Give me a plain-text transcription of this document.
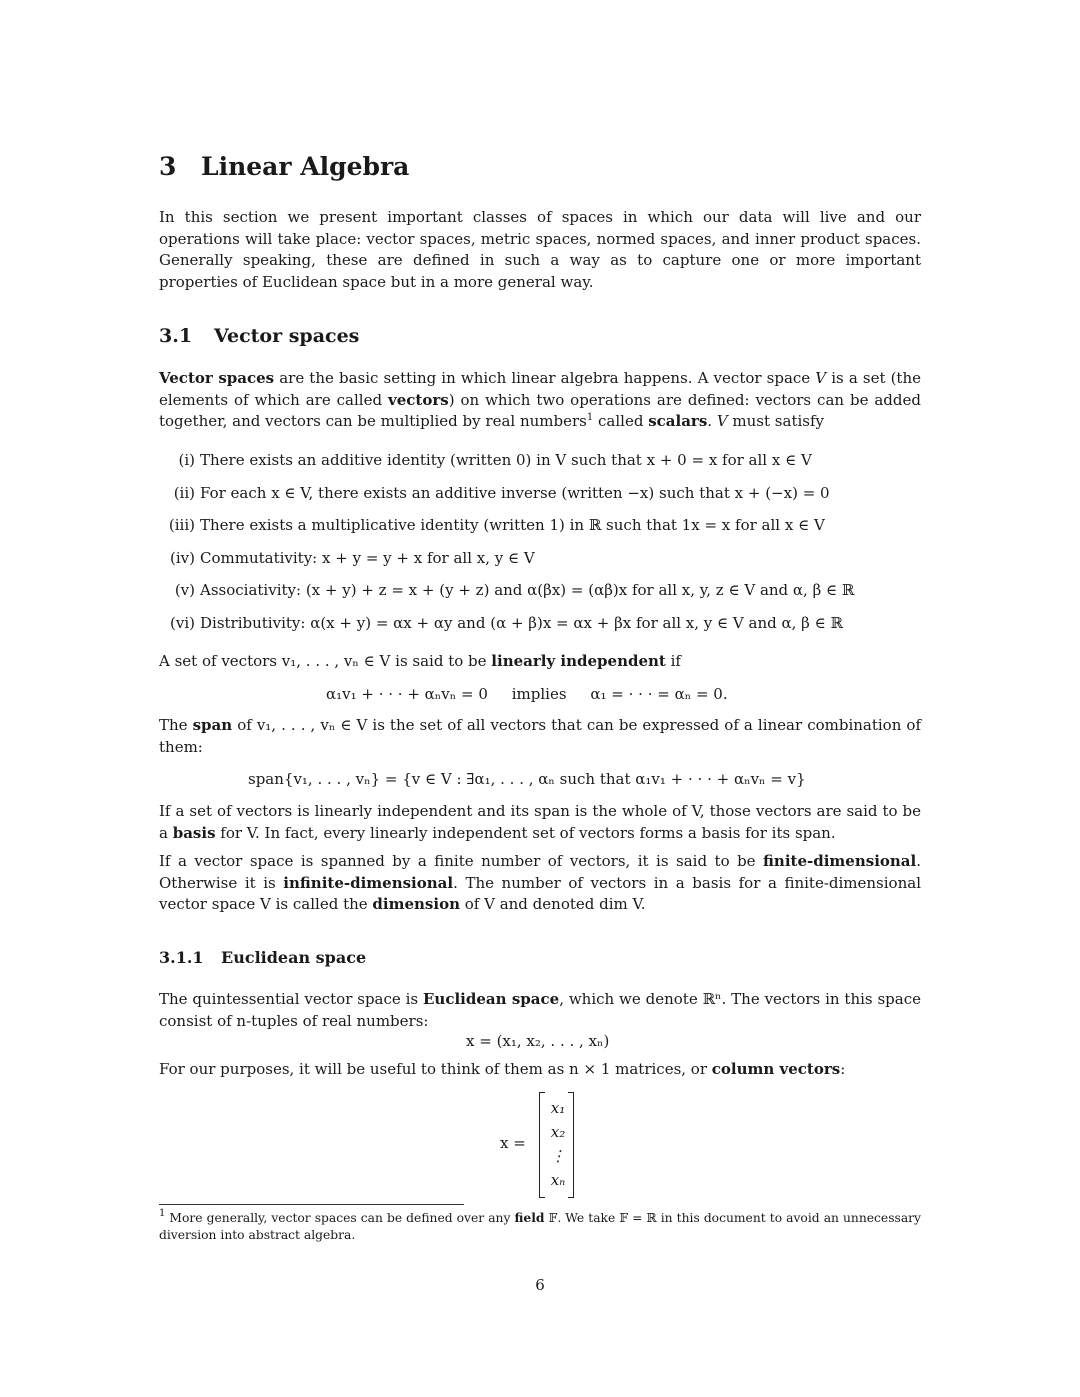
3 Linear Algebra

In this section we present important classes of spaces in which our data will live and our operations will take place: vector spaces, metric spaces, normed spaces, and inner product spaces. Generally speaking, these are defined in such a way as to capture one or more important properties of Euclidean space but in a more general way.

3.1 Vector spaces

Vector spaces are the basic setting in which linear algebra happens. A vector space V is a set (the elements of which are called vectors) on which two operations are defined: vectors can be added together, and vectors can be multiplied by real numbers$^1$ called scalars. V must satisfy

(i) There exists an additive identity (written 0) in V such that x + 0 = x for all x ∈ V
(ii) For each x ∈ V, there exists an additive inverse (written −x) such that x + (−x) = 0
(iii) There exists a multiplicative identity (written 1) in ℝ such that 1x = x for all x ∈ V
(iv) Commutativity: x + y = y + x for all x, y ∈ V
(v) Associativity: (x + y) + z = x + (y + z) and α(βx) = (αβ)x for all x, y, z ∈ V and α, β ∈ ℝ
(vi) Distributivity: α(x + y) = αx + αy and (α + β)x = αx + βx for all x, y ∈ V and α, β ∈ ℝ

A set of vectors v₁, . . . , vₙ ∈ V is said to be linearly independent if

α₁v₁ + · · · + αₙvₙ = 0     implies     α₁ = · · · = αₙ = 0.

The span of v₁, . . . , vₙ ∈ V is the set of all vectors that can be expressed of a linear combination of them:

span{v₁, . . . , vₙ} = {v ∈ V : ∃α₁, . . . , αₙ such that α₁v₁ + · · · + αₙvₙ = v}

If a set of vectors is linearly independent and its span is the whole of V, those vectors are said to be a basis for V. In fact, every linearly independent set of vectors forms a basis for its span.

If a vector space is spanned by a finite number of vectors, it is said to be finite-dimensional. Otherwise it is infinite-dimensional. The number of vectors in a basis for a finite-dimensional vector space V is called the dimension of V and denoted dim V.

3.1.1 Euclidean space

The quintessential vector space is Euclidean space, which we denote ℝⁿ. The vectors in this space consist of n-tuples of real numbers:

x = (x₁, x₂, . . . , xₙ)

For our purposes, it will be useful to think of them as n × 1 matrices, or column vectors:

x =
x₁
x₂
⋮
xₙ

$^1$ More generally, vector spaces can be defined over any field 𝔽. We take 𝔽 = ℝ in this document to avoid an unnecessary diversion into abstract algebra.

6
